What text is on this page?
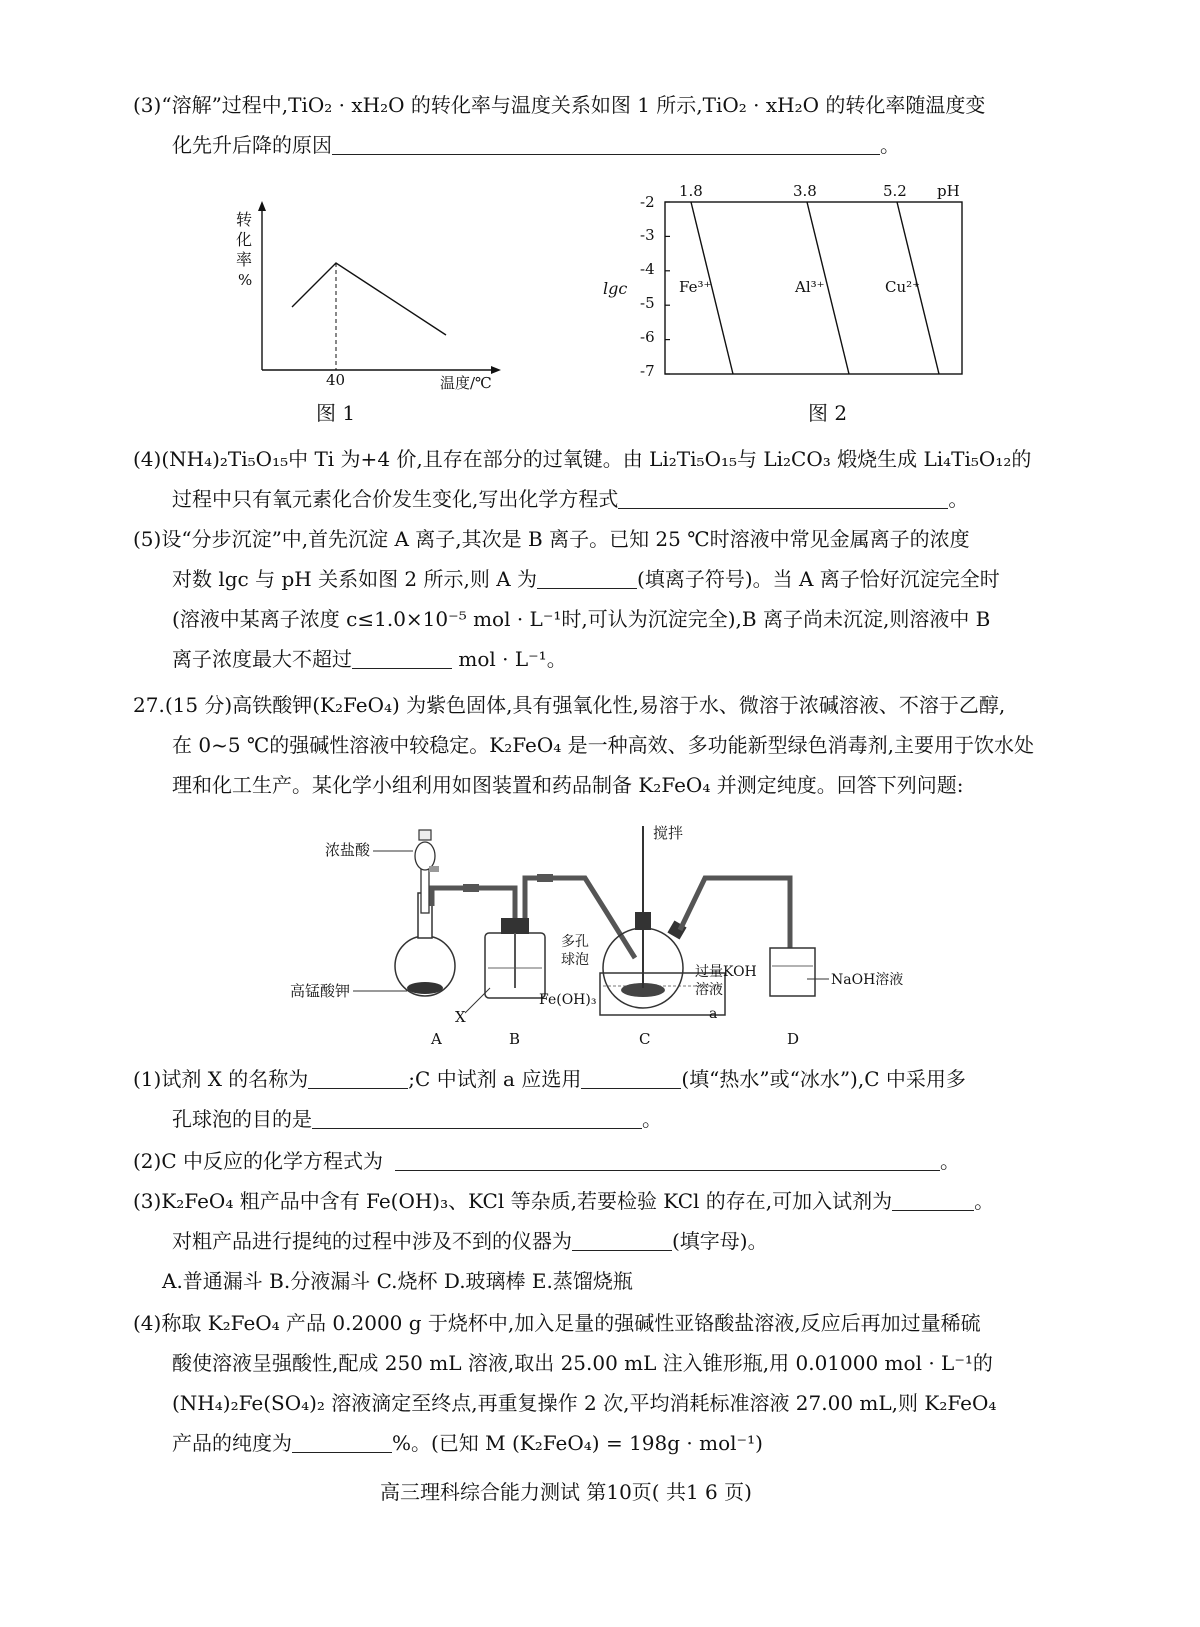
(3)“溶解”过程中,TiO₂ · xH₂O 的转化率与温度关系如图 1 所示,TiO₂ · xH₂O 的转化率随温度变
化先升后降的原因	。
转
化
率
%
40	温度/℃
图 1
1.8	3.8	5.2 pH
-2
-3
-4
-5
-6
-7
lgc	Fe³⁺	Al³⁺	Cu²⁺
图 2
(4)(NH₄)₂Ti₅O₁₅中 Ti 为+4 价,且存在部分的过氧键。由 Li₂Ti₅O₁₅与 Li₂CO₃ 煅烧生成 Li₄Ti₅O₁₂的
过程中只有氧元素化合价发生变化,写出化学方程式	。
(5)设“分步沉淀”中,首先沉淀 A 离子,其次是 B 离子。已知 25 ℃时溶液中常见金属离子的浓度
对数 lgc 与 pH 关系如图 2 所示,则 A 为	(填离子符号)。当 A 离子恰好沉淀完全时
(溶液中某离子浓度 c≤1.0×10⁻⁵ mol · L⁻¹时,可认为沉淀完全),B 离子尚未沉淀,则溶液中 B
离子浓度最大不超过	mol · L⁻¹。
27.(15 分)高铁酸钾(K₂FeO₄) 为紫色固体,具有强氧化性,易溶于水、微溶于浓碱溶液、不溶于乙醇,
在 0~5 ℃的强碱性溶液中较稳定。K₂FeO₄ 是一种高效、多功能新型绿色消毒剂,主要用于饮水处
理和化工生产。某化学小组利用如图装置和药品制备 K₂FeO₄ 并测定纯度。回答下列问题:
浓盐酸
高锰酸钾
X
搅拌
多孔
球泡
Fe(OH)₃
过量KOH
溶液
a
NaOH溶液
A	B	C	D
(1)试剂 X 的名称为	;C 中试剂 a 应选用	(填“热水”或“冰水”),C 中采用多
孔球泡的目的是	。
(2)C 中反应的化学方程式为	。
(3)K₂FeO₄ 粗产品中含有 Fe(OH)₃、KCl 等杂质,若要检验 KCl 的存在,可加入试剂为	。
对粗产品进行提纯的过程中涉及不到的仪器为	(填字母)。
A.普通漏斗 B.分液漏斗 C.烧杯 D.玻璃棒 E.蒸馏烧瓶
(4)称取 K₂FeO₄ 产品 0.2000 g 于烧杯中,加入足量的强碱性亚铬酸盐溶液,反应后再加过量稀硫
酸使溶液呈强酸性,配成 250 mL 溶液,取出 25.00 mL 注入锥形瓶,用 0.01000 mol · L⁻¹的
(NH₄)₂Fe(SO₄)₂ 溶液滴定至终点,再重复操作 2 次,平均消耗标准溶液 27.00 mL,则 K₂FeO₄
产品的纯度为	%。(已知 M (K₂FeO₄) = 198g · mol⁻¹)
高三理科综合能力测试 第10页( 共1 6 页)
